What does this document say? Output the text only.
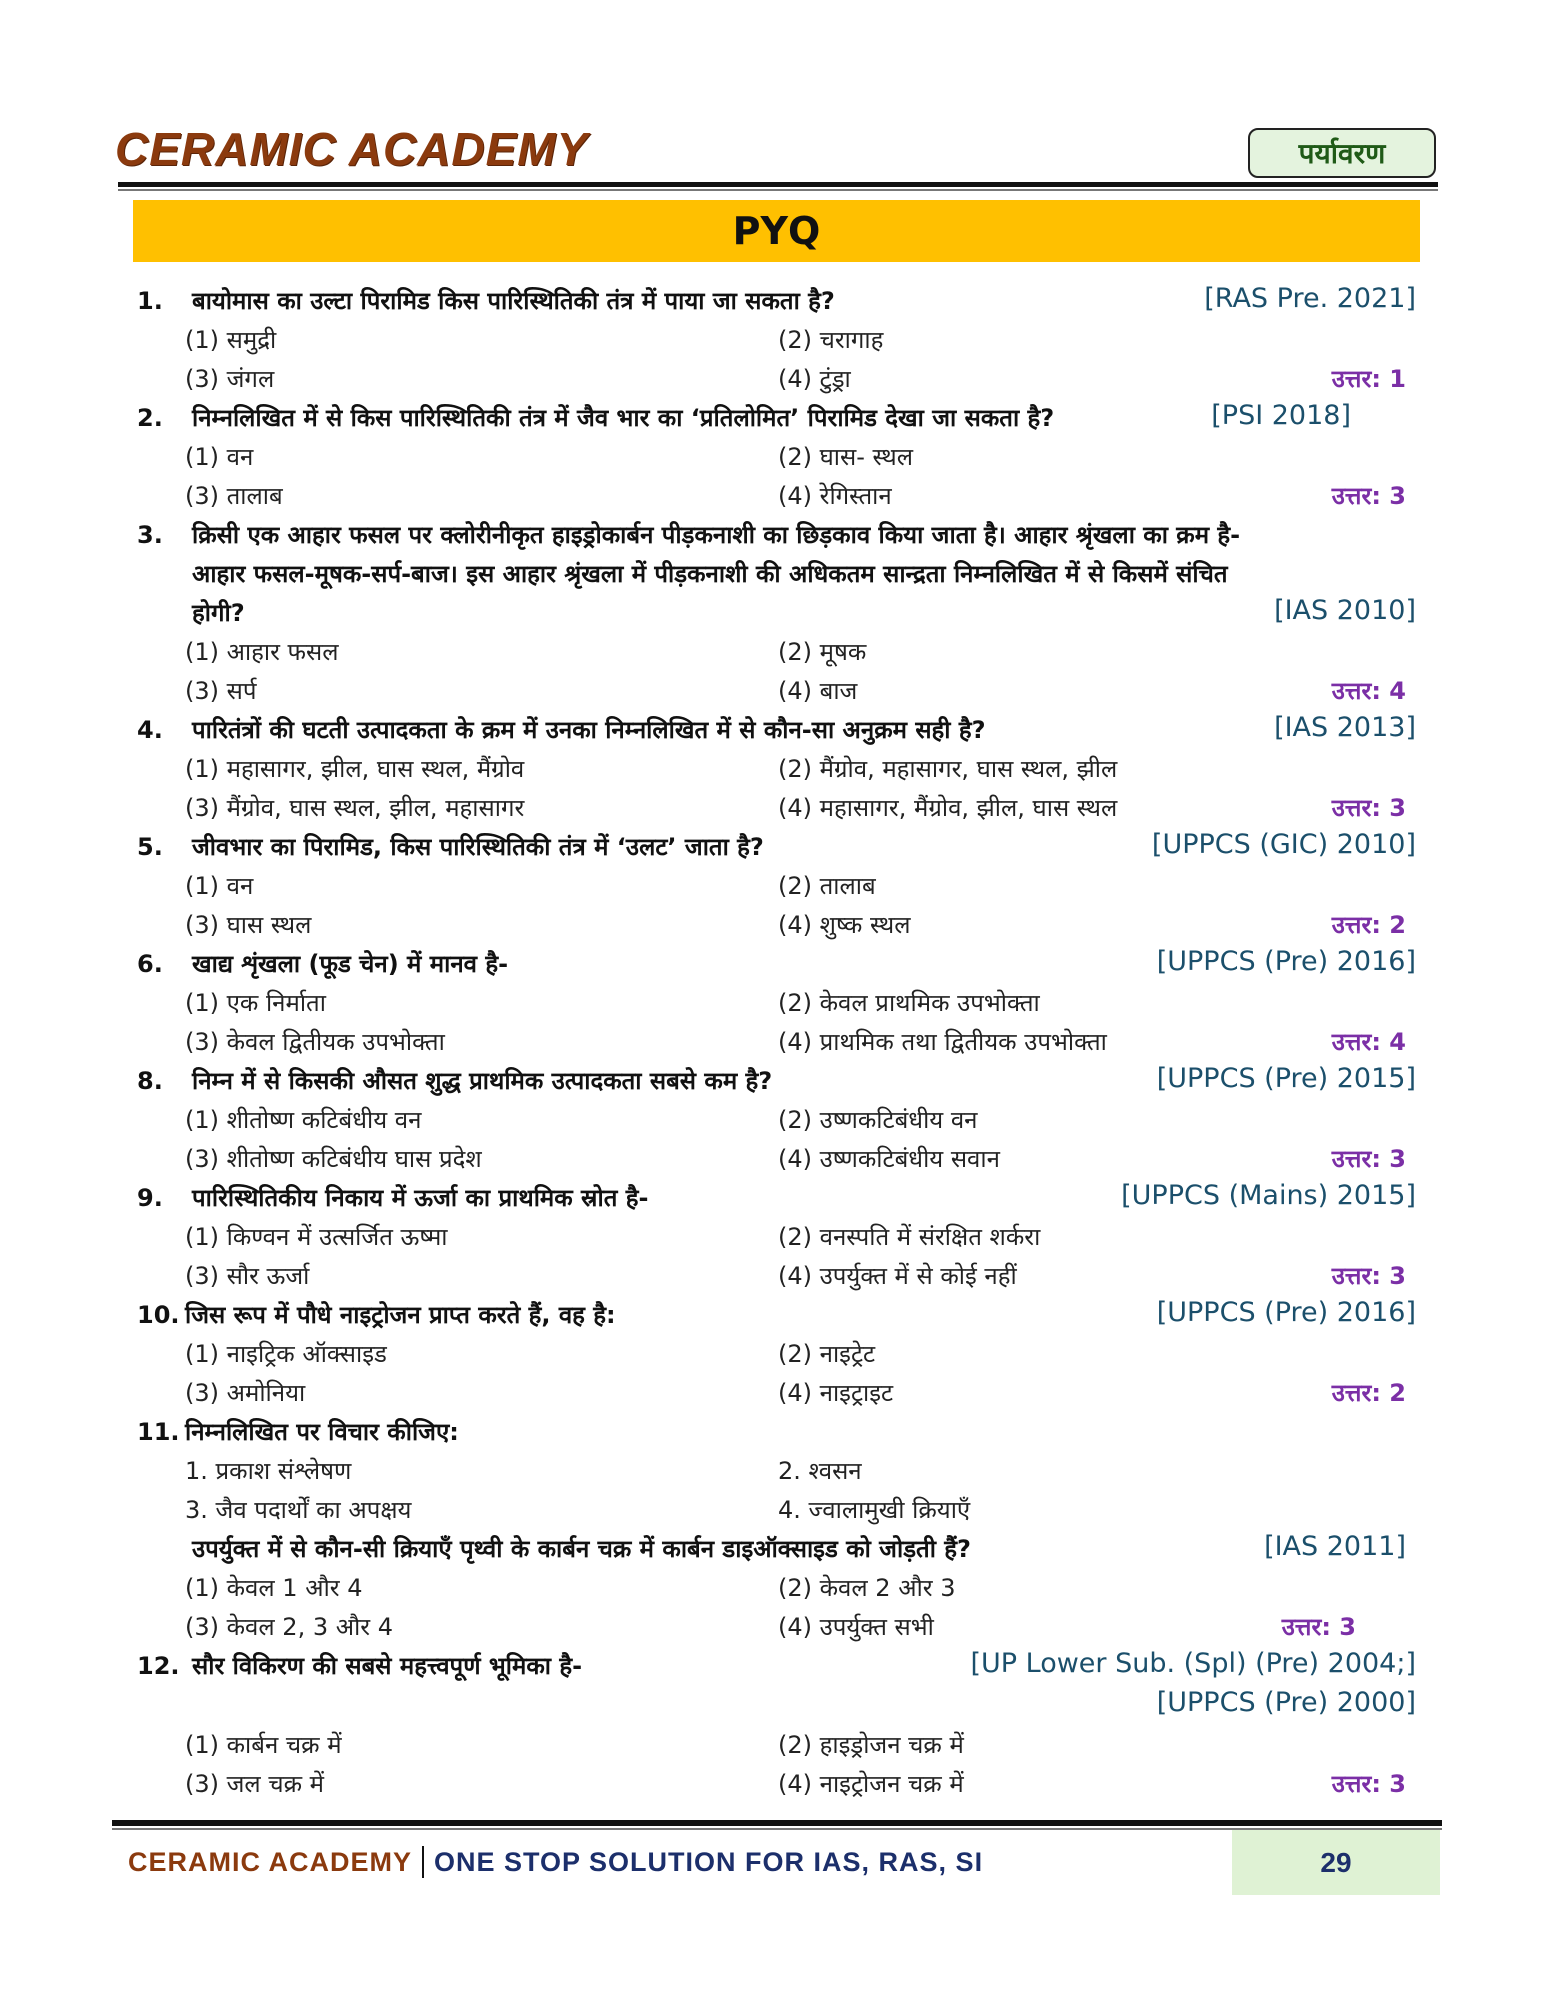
CERAMIC ACADEMY	पर्यावरण
PYQ
1. बायोमास का उल्टा पिरामिड किस पारिस्थितिकी तंत्र में पाया जा सकता है?	[RAS Pre. 2021]
(1) समुद्री	(2) चरागाह
(3) जंगल	(4) टुंड्रा	उत्तर: 1
2. निम्नलिखित में से किस पारिस्थितिकी तंत्र में जैव भार का ‘प्रतिलोमित’ पिरामिड देखा जा सकता है?	[PSI 2018]
(1) वन	(2) घास- स्थल
(3) तालाब	(4) रेगिस्तान	उत्तर: 3
3. क्रिसी एक आहार फसल पर क्लोरीनीकृत हाइड्रोकार्बन पीड़कनाशी का छिड़काव किया जाता है। आहार श्रृंखला का क्रम है-
आहार फसल-मूषक-सर्प-बाज। इस आहार श्रृंखला में पीड़कनाशी की अधिकतम सान्द्रता निम्नलिखित में से किसमें संचित
होगी?	[IAS 2010]
(1) आहार फसल	(2) मूषक
(3) सर्प	(4) बाज	उत्तर: 4
4. पारितंत्रों की घटती उत्पादकता के क्रम में उनका निम्नलिखित में से कौन-सा अनुक्रम सही है?	[IAS 2013]
(1) महासागर, झील, घास स्थल, मैंग्रोव	(2) मैंग्रोव, महासागर, घास स्थल, झील
(3) मैंग्रोव, घास स्थल, झील, महासागर	(4) महासागर, मैंग्रोव, झील, घास स्थल	उत्तर: 3
5. जीवभार का पिरामिड, किस पारिस्थितिकी तंत्र में ‘उलट’ जाता है?	[UPPCS (GIC) 2010]
(1) वन	(2) तालाब
(3) घास स्थल	(4) शुष्क स्थल	उत्तर: 2
6. खाद्य शृंखला (फूड चेन) में मानव है-	[UPPCS (Pre) 2016]
(1) एक निर्माता	(2) केवल प्राथमिक उपभोक्ता
(3) केवल द्वितीयक उपभोक्ता	(4) प्राथमिक तथा द्वितीयक उपभोक्ता	उत्तर: 4
8. निम्न में से किसकी औसत शुद्ध प्राथमिक उत्पादकता सबसे कम है?	[UPPCS (Pre) 2015]
(1) शीतोष्ण कटिबंधीय वन	(2) उष्णकटिबंधीय वन
(3) शीतोष्ण कटिबंधीय घास प्रदेश	(4) उष्णकटिबंधीय सवान	उत्तर: 3
9. पारिस्थितिकीय निकाय में ऊर्जा का प्राथमिक स्रोत है-	[UPPCS (Mains) 2015]
(1) किण्वन में उत्सर्जित ऊष्मा	(2) वनस्पति में संरक्षित शर्करा
(3) सौर ऊर्जा	(4) उपर्युक्त में से कोई नहीं	उत्तर: 3
10. जिस रूप में पौधे नाइट्रोजन प्राप्त करते हैं, वह है:	[UPPCS (Pre) 2016]
(1) नाइट्रिक ऑक्साइड	(2) नाइट्रेट
(3) अमोनिया	(4) नाइट्राइट	उत्तर: 2
11. निम्नलिखित पर विचार कीजिए:
1. प्रकाश संश्लेषण	2. श्वसन
3. जैव पदार्थों का अपक्षय	4. ज्वालामुखी क्रियाएँ
उपर्युक्त में से कौन-सी क्रियाएँ पृथ्वी के कार्बन चक्र में कार्बन डाइऑक्साइड को जोड़ती हैं?	[IAS 2011]
(1) केवल 1 और 4	(2) केवल 2 और 3
(3) केवल 2, 3 और 4	(4) उपर्युक्त सभी	उत्तर: 3
12. सौर विकिरण की सबसे महत्त्वपूर्ण भूमिका है-	[UP Lower Sub. (Spl) (Pre) 2004;]
[UPPCS (Pre) 2000]
(1) कार्बन चक्र में	(2) हाइड्रोजन चक्र में
(3) जल चक्र में	(4) नाइट्रोजन चक्र में	उत्तर: 3
CERAMIC ACADEMY ONE STOP SOLUTION FOR IAS, RAS, SI	29
